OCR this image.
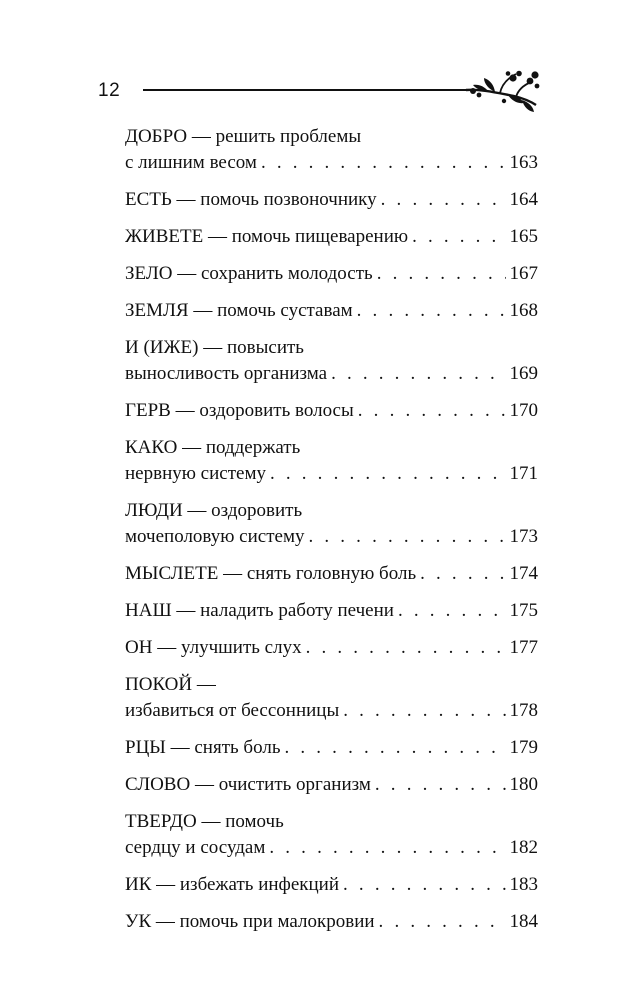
12
ДОБРО — решить проблемы
с лишним весом . . .	163
ЕСТЬ — помочь позвоночнику . . .	164
ЖИВЕТЕ — помочь пищеварению . . .	165
ЗЕЛО — сохранить молодость . . .	167
ЗЕМЛЯ — помочь суставам . . .	168
И (ИЖЕ) — повысить
выносливость организма . . .	169
ГЕРВ — оздоровить волосы . . .	170
КАКО — поддержать
нервную систему . . .	171
ЛЮДИ — оздоровить
мочеполовую систему . . .	173
МЫСЛЕТЕ — снять головную боль . . .	174
НАШ — наладить работу печени . . .	175
ОН — улучшить слух . . .	177
ПОКОЙ —
избавиться от бессонницы . . .	178
РЦЫ — снять боль . . .	179
СЛОВО — очистить организм . . .	180
ТВЕРДО — помочь
сердцу и сосудам . . .	182
ИК — избежать инфекций . . .	183
УК — помочь при малокровии . . .	184
